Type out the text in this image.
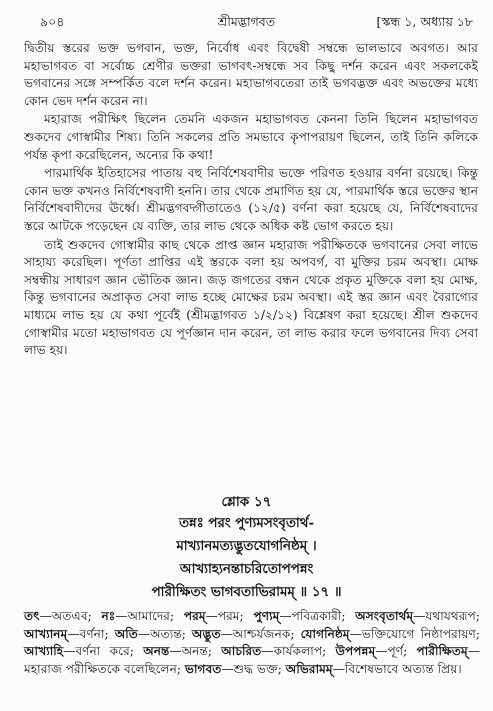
৯০৪	শ্রীমদ্ভাগবত	[স্কন্ধ ১, অধ্যায় ১৮

দ্বিতীয় স্তরের ভক্ত ভগবান, ভক্ত, নির্বোধ এবং বিদ্বেষী সম্বন্ধে ভালভাবে অবগত। আর মহাভাগবত বা সর্বোচ্চ শ্রেণীর ভক্তরা ভাগবৎ-সম্বন্ধে সব কিছু দর্শন করেন এবং সকলকেই ভগবানের সঙ্গে সম্পর্কিত বলে দর্শন করেন। মহাভাগবতেরা তাই ভগবদ্ভক্ত এবং অভক্তের মধ্যে কোন ভেদ দর্শন করেন না।

মহারাজ পরীক্ষিৎ ছিলেন তেমনি একজন মহাভাগবত কেননা তিনি ছিলেন মহাভাগবত শুকদেব গোস্বামীর শিষ্য। তিনি সকলের প্রতি সমভাবে কৃপাপরায়ণ ছিলেন, তাই তিনি কলিকে পর্যন্ত কৃপা করেছিলেন, অন্যের কি কথা!

পারমার্থিক ইতিহাসের পাতায় বহু নির্বিশেষবাদীর ভক্তে পরিণত হওয়ার বর্ণনা রয়েছে। কিন্তু কোন ভক্ত কখনও নির্বিশেষবাদী হননি। তার থেকে প্রমাণিত হয় যে, পারমার্থিক স্তরে ভক্তের স্থান নির্বিশেষবাদীদের ঊর্ধ্বে। শ্রীমদ্ভগবদ্গীতাতেও (১২/৫) বর্ণনা করা হয়েছে যে, নির্বিশেষবাদের স্তরে আটকে পড়েছেন যে ব্যক্তি, তার লাভ থেকে অধিক কষ্ট ভোগ করতে হয়।

তাই শুকদেব গোস্বামীর কাছ থেকে প্রাপ্ত জ্ঞান মহারাজ পরীক্ষিতকে ভগবানের সেবা লাভে সাহায্য করেছিল। পূর্ণতা প্রাপ্তির এই স্তরকে বলা হয় অপবর্গ, বা মুক্তির চরম অবস্থা। মোক্ষ সম্বন্ধীয় সাধারণ জ্ঞান ভৌতিক জ্ঞান। জড় জগতের বন্ধন থেকে প্রকৃত মুক্তিকে বলা হয় মোক্ষ, কিন্তু ভগবানের অপ্রাকৃত সেবা লাভ হচ্ছে মোক্ষের চরম অবস্থা। এই স্তর জ্ঞান এবং বৈরাগ্যের মাধ্যমে লাভ হয় যে কথা পূর্বেই (শ্রীমদ্ভাগবত ১/২/১২) বিশ্লেষণ করা হয়েছে। শ্রীল শুকদেব গোস্বামীর মতো মহাভাগবত যে পূর্ণজ্ঞান দান করেন, তা লাভ করার ফলে ভগবানের দিব্য সেবা লাভ হয়।

শ্লোক ১৭
তন্নঃ পরং পুণ্যমসংবৃতার্থ-
মাখ্যানমত্যদ্ভুতযোগনিষ্ঠম্ ।
আখ্যাহ্যনন্তাচরিতোপপন্নং
পারীক্ষিতং ভাগবতাভিরামম্ ॥ ১৭ ॥
তৎ—অতএব; নঃ—আমাদের; পরম্—পরম; পুণ্যম্—পবিত্রকারী; অসংবৃতার্থম্—যথাযথরূপ; আখ্যানম্—বর্ণনা; অতি—অত্যন্ত; অদ্ভুত—আশ্চর্যজনক; যোগনিষ্ঠম্—ভক্তিযোগে নিষ্ঠাপরায়ণ; আখ্যাহি—বর্ণনা করে; অনন্ত—অনন্ত; আচরিত—কার্যকলাপ; উপপন্নম্—পূর্ণ; পারীক্ষিতম্—মহারাজ পরীক্ষিতকে বলেছিলেন; ভাগবত—শুদ্ধ ভক্ত; অভিরামম্—বিশেষভাবে অত্যন্ত প্রিয়।
